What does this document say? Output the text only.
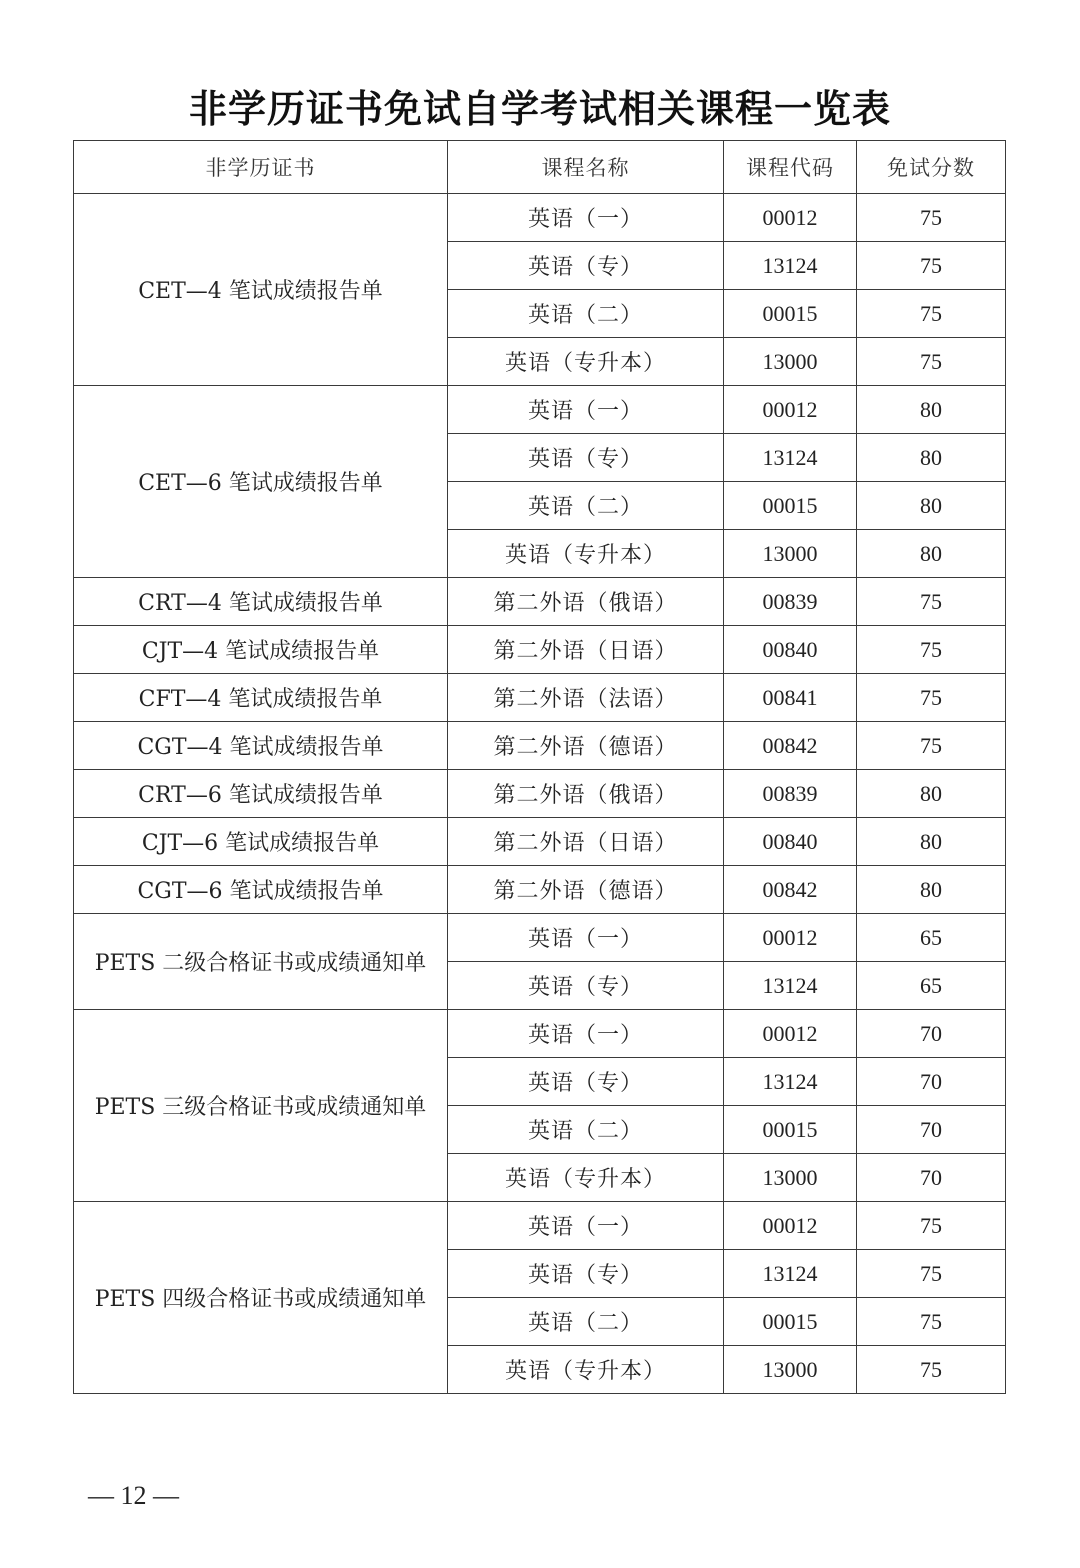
非学历证书免试自学考试相关课程一览表
非学历证书	课程名称	课程代码	免试分数
CET—4 笔试成绩报告单	英语（一）	00012	75
	英语（专）	13124	75
	英语（二）	00015	75
	英语（专升本）	13000	75
CET—6 笔试成绩报告单	英语（一）	00012	80
	英语（专）	13124	80
	英语（二）	00015	80
	英语（专升本）	13000	80
CRT—4 笔试成绩报告单	第二外语（俄语）	00839	75
CJT—4 笔试成绩报告单	第二外语（日语）	00840	75
CFT—4 笔试成绩报告单	第二外语（法语）	00841	75
CGT—4 笔试成绩报告单	第二外语（德语）	00842	75
CRT—6 笔试成绩报告单	第二外语（俄语）	00839	80
CJT—6 笔试成绩报告单	第二外语（日语）	00840	80
CGT—6 笔试成绩报告单	第二外语（德语）	00842	80
PETS 二级合格证书或成绩通知单	英语（一）	00012	65
	英语（专）	13124	65
PETS 三级合格证书或成绩通知单	英语（一）	00012	70
	英语（专）	13124	70
	英语（二）	00015	70
	英语（专升本）	13000	70
PETS 四级合格证书或成绩通知单	英语（一）	00012	75
	英语（专）	13124	75
	英语（二）	00015	75
	英语（专升本）	13000	75
— 12 —
